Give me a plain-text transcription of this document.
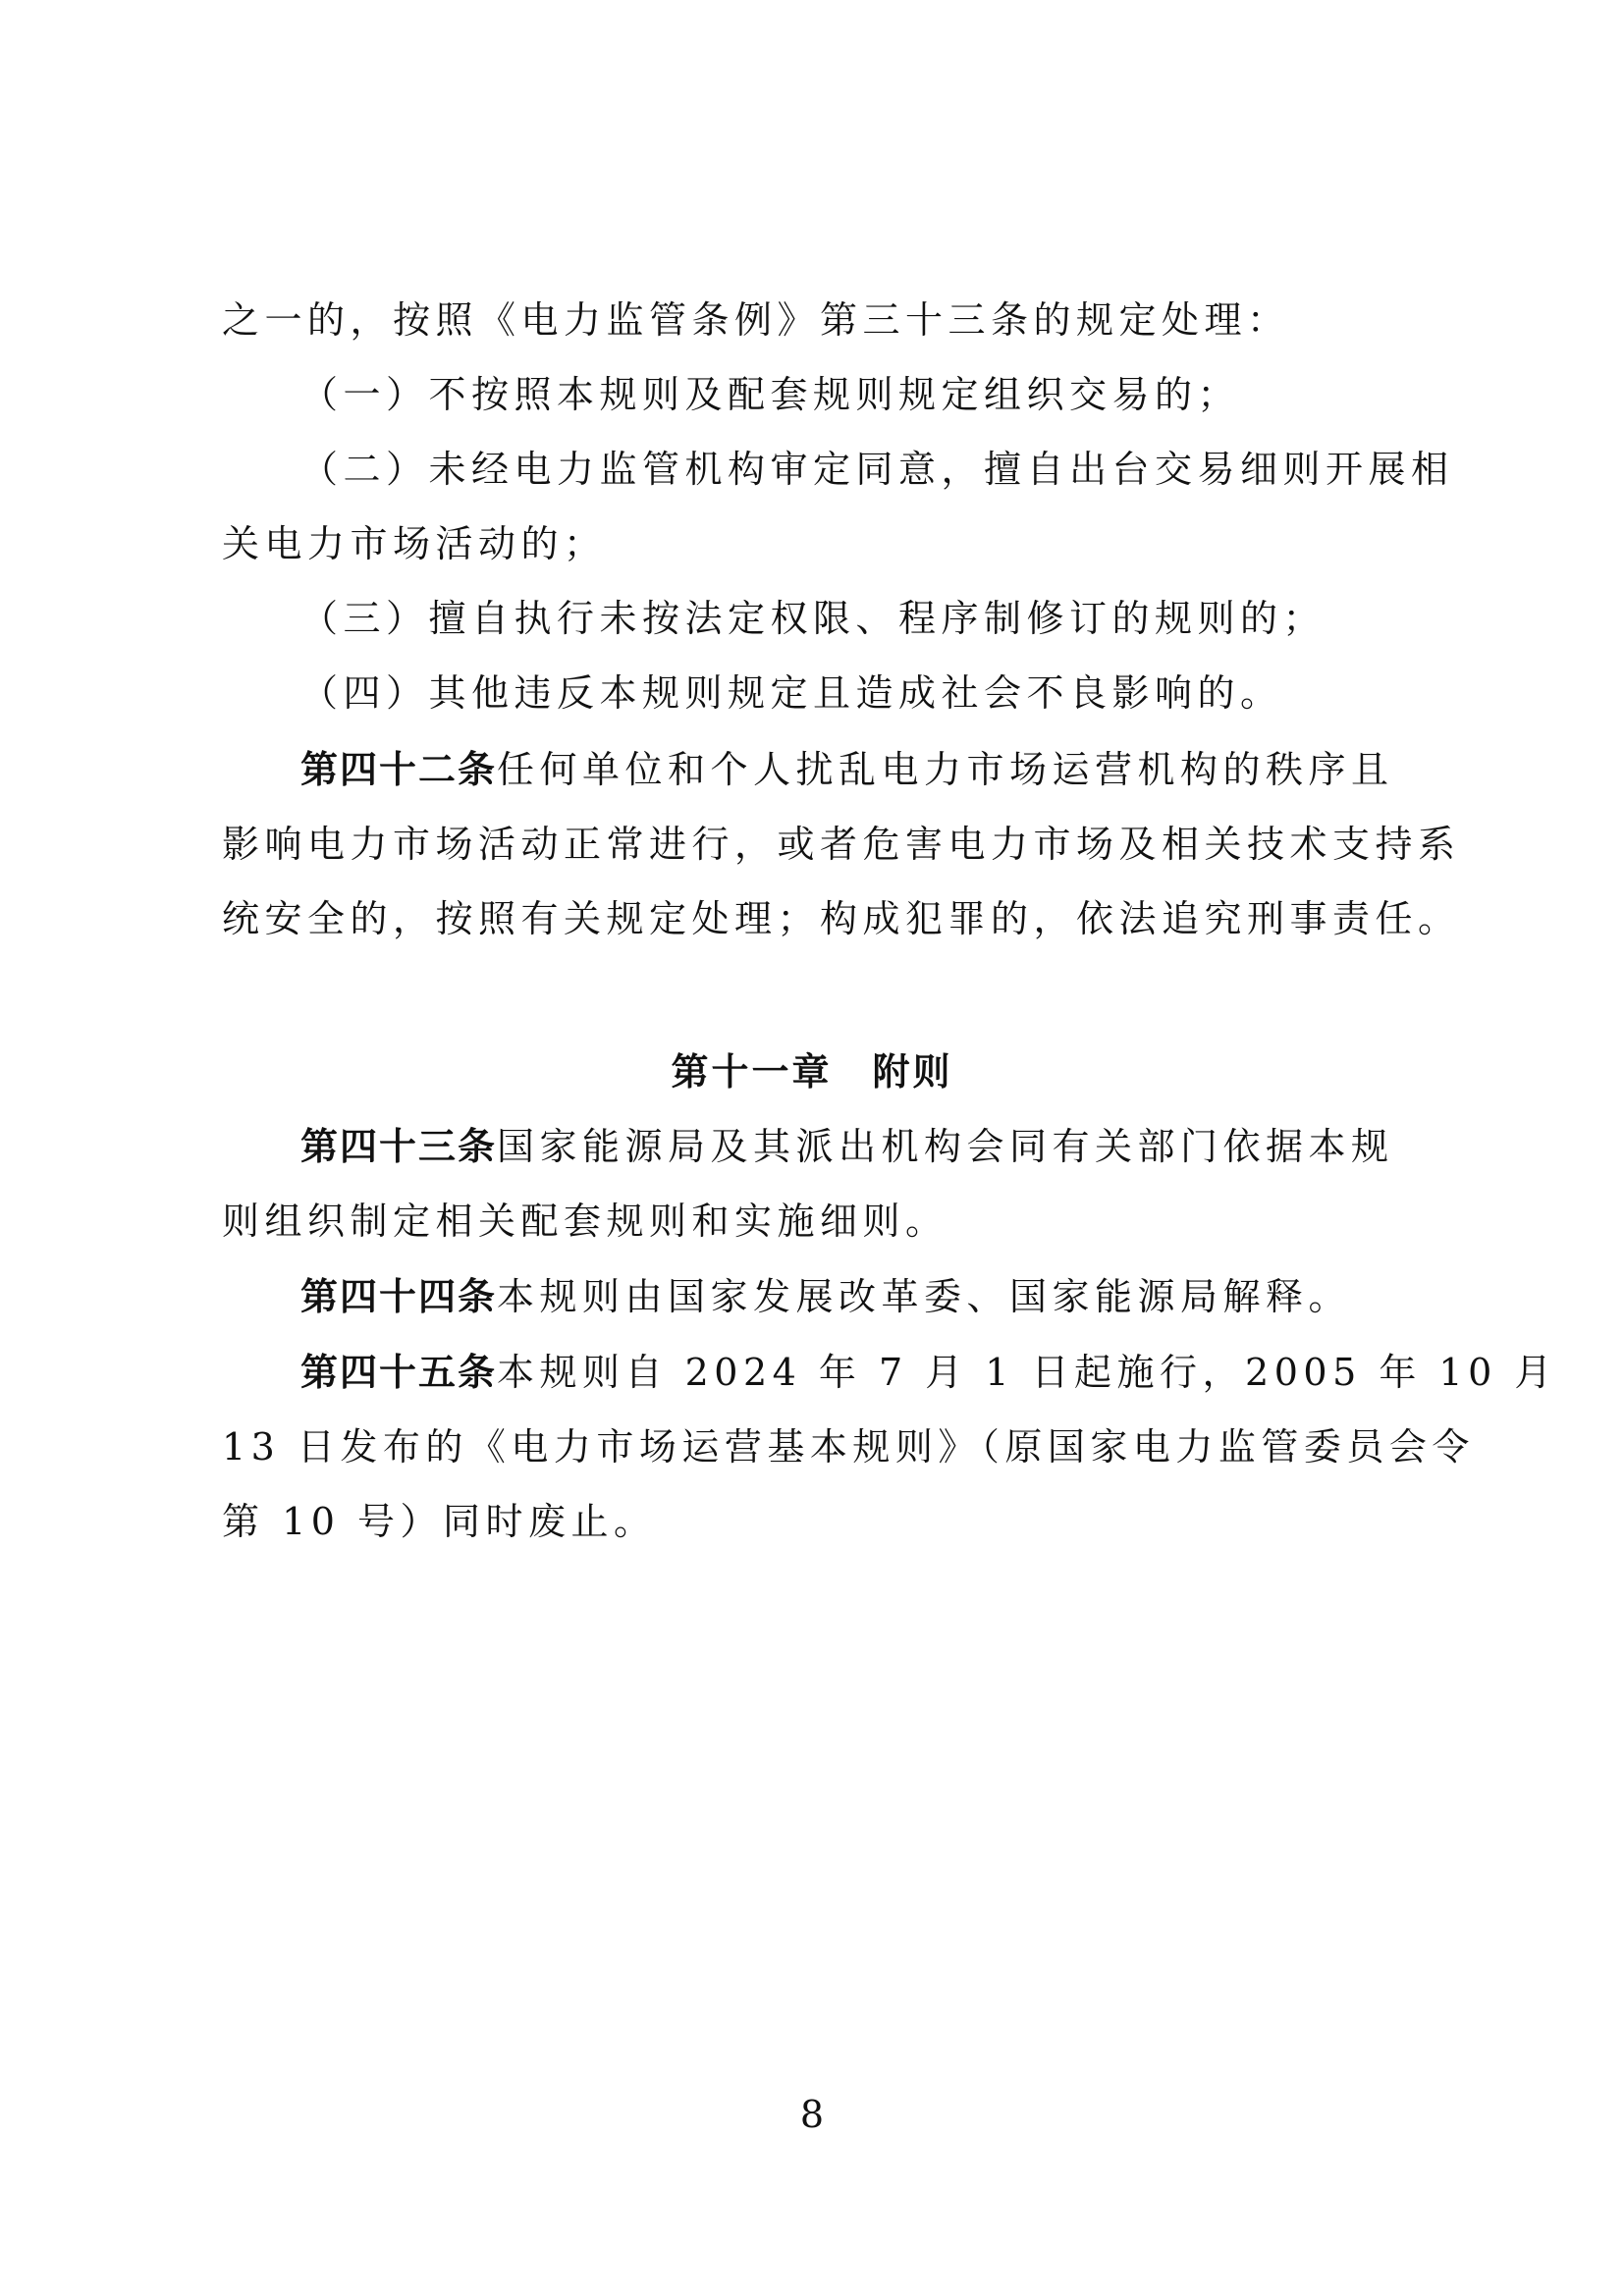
之一的，按照《电力监管条例》第三十三条的规定处理：
（一）不按照本规则及配套规则规定组织交易的；
（二）未经电力监管机构审定同意，擅自出台交易细则开展相
关电力市场活动的；
（三）擅自执行未按法定权限、程序制修订的规则的；
（四）其他违反本规则规定且造成社会不良影响的。
第四十二条任何单位和个人扰乱电力市场运营机构的秩序且
影响电力市场活动正常进行，或者危害电力市场及相关技术支持系
统安全的，按照有关规定处理；构成犯罪的，依法追究刑事责任。
第十一章　附则
第四十三条国家能源局及其派出机构会同有关部门依据本规
则组织制定相关配套规则和实施细则。
第四十四条本规则由国家发展改革委、国家能源局解释。
第四十五条本规则自 2024 年 7 月 1 日起施行，2005 年 10 月
13 日发布的《电力市场运营基本规则》（原国家电力监管委员会令
第 10 号）同时废止。
8
